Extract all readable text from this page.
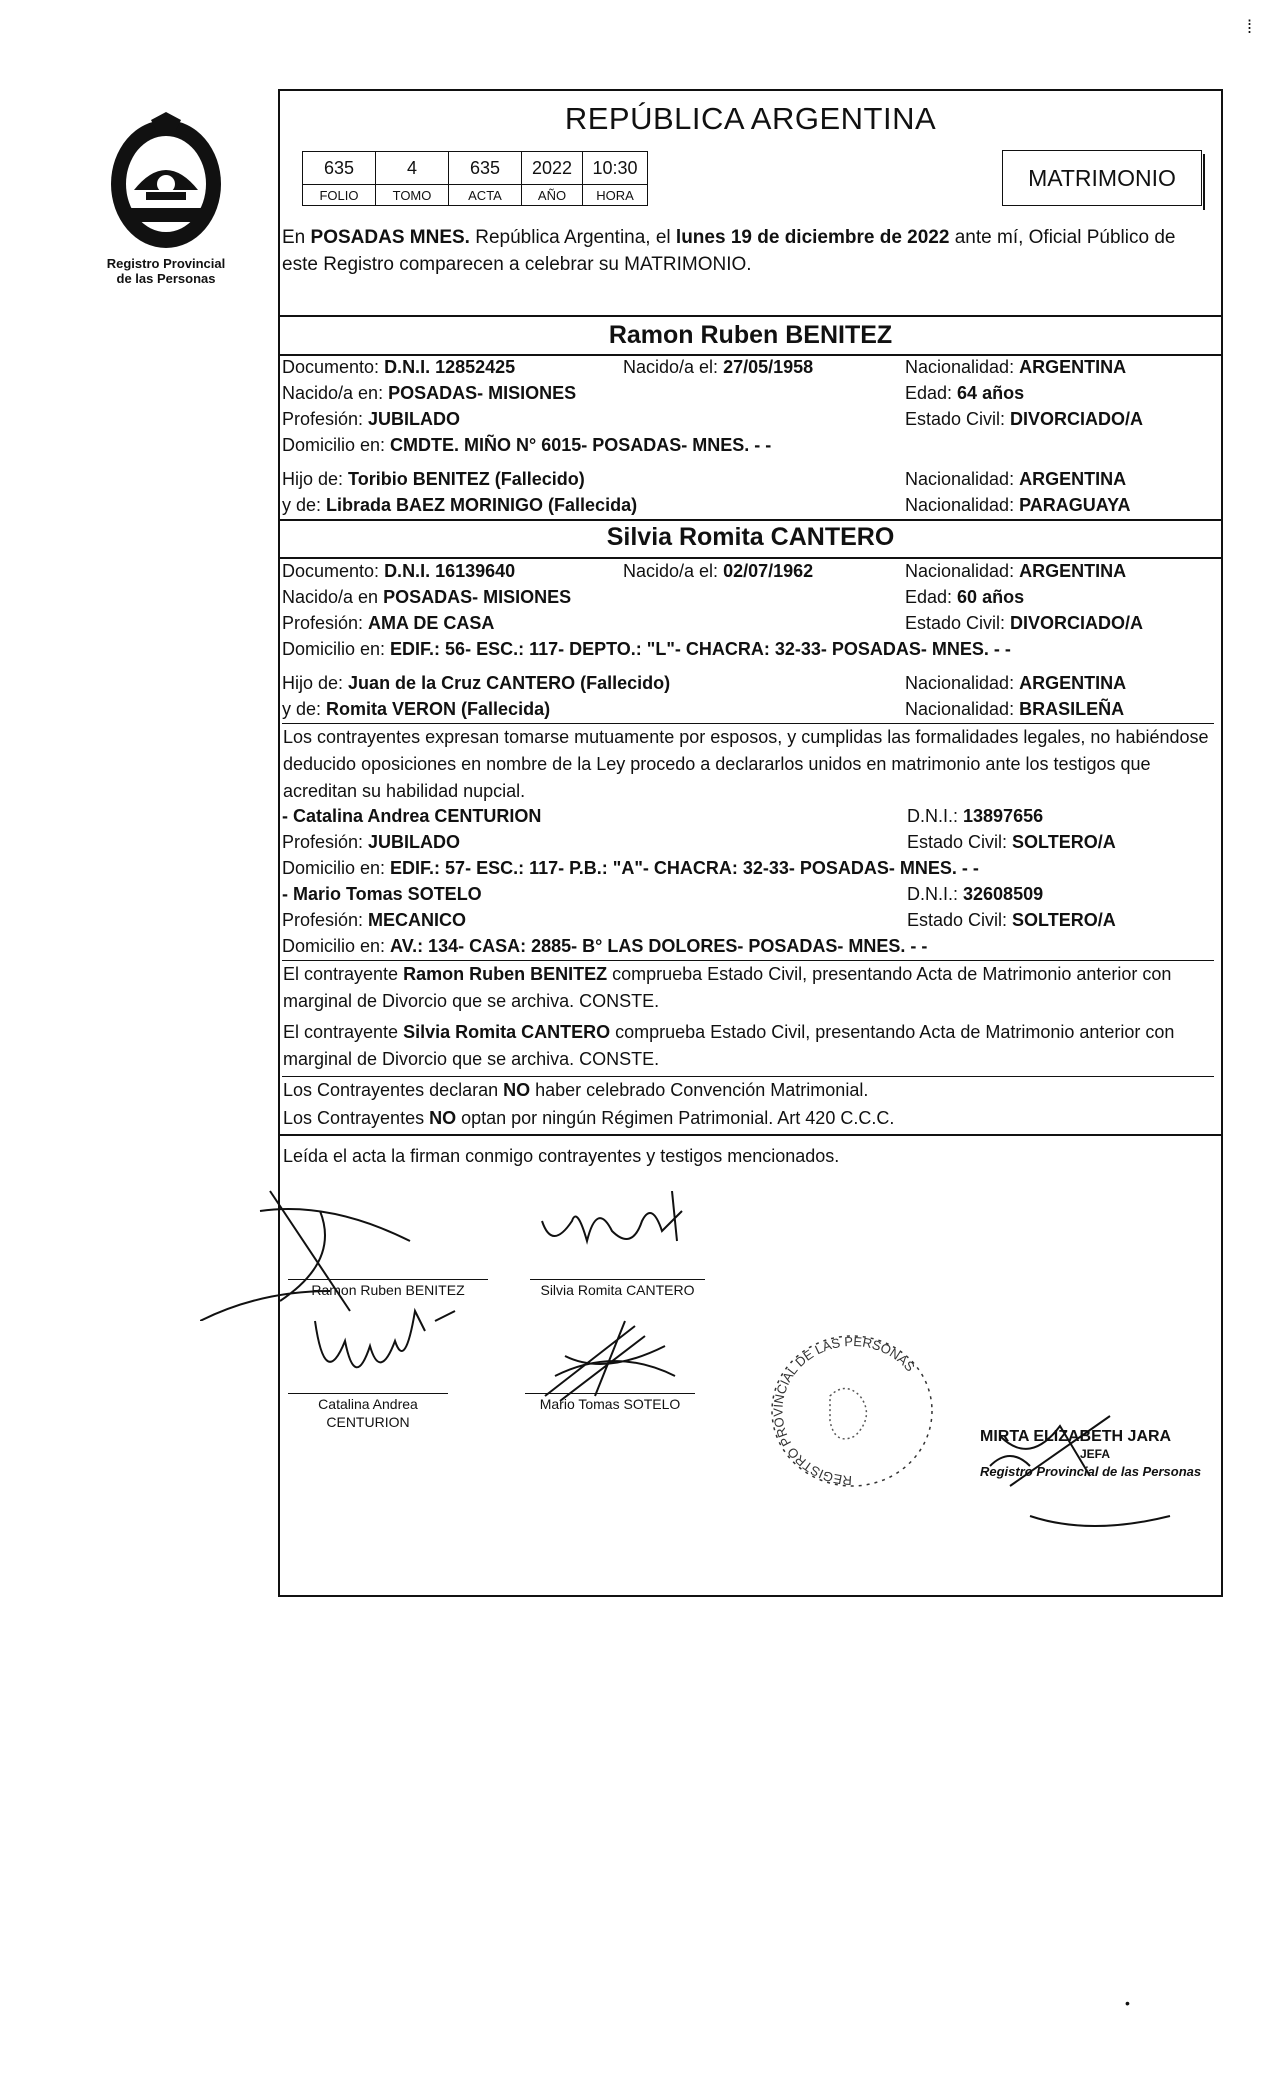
Registro Provincial
de las Personas
⁞
REPÚBLICA ARGENTINA
635	4	635	2022	10:30
FOLIO	TOMO	ACTA	AÑO	HORA
MATRIMONIO
En POSADAS MNES. República Argentina, el lunes 19 de diciembre de 2022 ante mí, Oficial Público de este Registro comparecen a celebrar su MATRIMONIO.
Ramon Ruben BENITEZ
Documento: D.N.I. 12852425	Nacido/a el: 27/05/1958	Nacionalidad: ARGENTINA
Nacido/a en: POSADAS- MISIONES	Edad: 64 años
Profesión: JUBILADO	Estado Civil: DIVORCIADO/A
Domicilio en: CMDTE. MIÑO N° 6015- POSADAS- MNES. - -
Hijo de: Toribio BENITEZ (Fallecido)	Nacionalidad: ARGENTINA
y de: Librada BAEZ MORINIGO (Fallecida)	Nacionalidad: PARAGUAYA
Silvia Romita CANTERO
Documento: D.N.I. 16139640	Nacido/a el: 02/07/1962	Nacionalidad: ARGENTINA
Nacido/a en POSADAS- MISIONES	Edad: 60 años
Profesión: AMA DE CASA	Estado Civil: DIVORCIADO/A
Domicilio en: EDIF.: 56- ESC.: 117- DEPTO.: "L"- CHACRA: 32-33- POSADAS- MNES. - -
Hijo de: Juan de la Cruz CANTERO (Fallecido)	Nacionalidad: ARGENTINA
y de: Romita VERON (Fallecida)	Nacionalidad: BRASILEÑA
Los contrayentes expresan tomarse mutuamente por esposos, y cumplidas las formalidades legales, no habiéndose deducido oposiciones en nombre de la Ley procedo a declararlos unidos en matrimonio ante los testigos que acreditan su habilidad nupcial.
- Catalina Andrea CENTURION	D.N.I.: 13897656
Profesión: JUBILADO	Estado Civil: SOLTERO/A
Domicilio en: EDIF.: 57- ESC.: 117- P.B.: "A"- CHACRA: 32-33- POSADAS- MNES. - -
- Mario Tomas SOTELO	D.N.I.: 32608509
Profesión: MECANICO	Estado Civil: SOLTERO/A
Domicilio en: AV.: 134- CASA: 2885- B° LAS DOLORES- POSADAS- MNES. - -
El contrayente Ramon Ruben BENITEZ comprueba Estado Civil, presentando Acta de Matrimonio anterior con marginal de Divorcio que se archiva. CONSTE.
El contrayente Silvia Romita CANTERO comprueba Estado Civil, presentando Acta de Matrimonio anterior con marginal de Divorcio que se archiva. CONSTE.
Los Contrayentes declaran NO haber celebrado Convención Matrimonial.
Los Contrayentes NO optan por ningún Régimen Patrimonial. Art 420 C.C.C.
Leída el acta la firman conmigo contrayentes y testigos mencionados.
Ramon Ruben BENITEZ	Silvia Romita CANTERO
Catalina Andrea
CENTURION
Mario Tomas SOTELO
REGISTRO PROVINCIAL DE LAS PERSONAS
MIRTA ELIZABETH JARA
JEFA
Registro Provincial de las Personas
•
